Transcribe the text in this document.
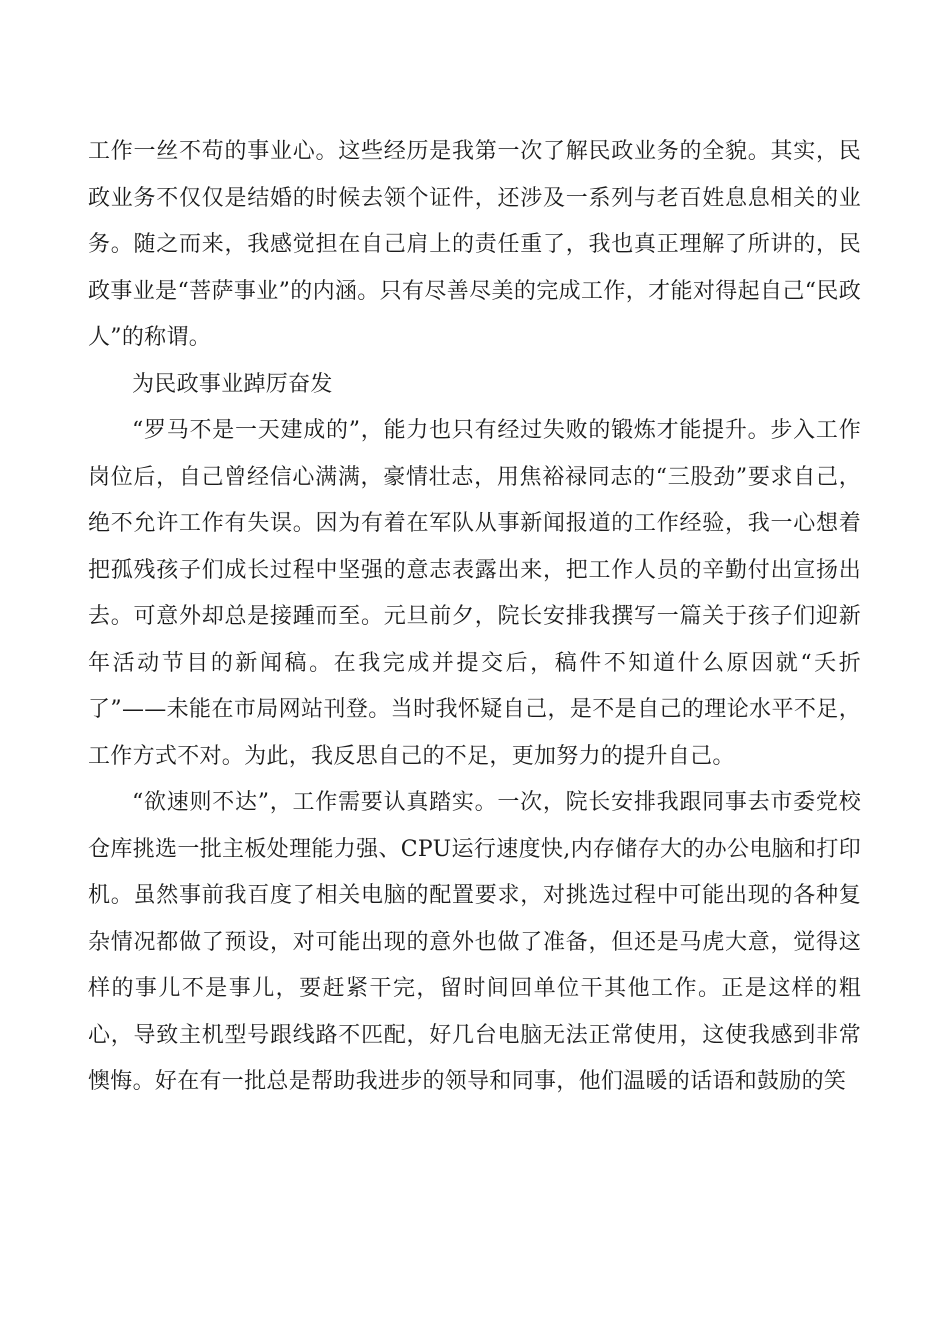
工作一丝不苟的事业心。这些经历是我第一次了解民政业务的全貌。其实，民政业务不仅仅是结婚的时候去领个证件，还涉及一系列与老百姓息息相关的业务。随之而来，我感觉担在自己肩上的责任重了，我也真正理解了所讲的，民政事业是“菩萨事业”的内涵。只有尽善尽美的完成工作，才能对得起自己“民政人”的称谓。

为民政事业踔厉奋发

“罗马不是一天建成的”，能力也只有经过失败的锻炼才能提升。步入工作岗位后，自己曾经信心满满，豪情壮志，用焦裕禄同志的“三股劲”要求自己，绝不允许工作有失误。因为有着在军队从事新闻报道的工作经验，我一心想着把孤残孩子们成长过程中坚强的意志表露出来，把工作人员的辛勤付出宣扬出去。可意外却总是接踵而至。元旦前夕，院长安排我撰写一篇关于孩子们迎新年活动节目的新闻稿。在我完成并提交后，稿件不知道什么原因就“夭折了”——未能在市局网站刊登。当时我怀疑自己，是不是自己的理论水平不足，工作方式不对。为此，我反思自己的不足，更加努力的提升自己。

“欲速则不达”，工作需要认真踏实。一次，院长安排我跟同事去市委党校仓库挑选一批主板处理能力强、CPU运行速度快,内存储存大的办公电脑和打印机。虽然事前我百度了相关电脑的配置要求，对挑选过程中可能出现的各种复杂情况都做了预设，对可能出现的意外也做了准备，但还是马虎大意，觉得这样的事儿不是事儿，要赶紧干完，留时间回单位干其他工作。正是这样的粗心，导致主机型号跟线路不匹配，好几台电脑无法正常使用，这使我感到非常懊悔。好在有一批总是帮助我进步的领导和同事，他们温暖的话语和鼓励的笑
